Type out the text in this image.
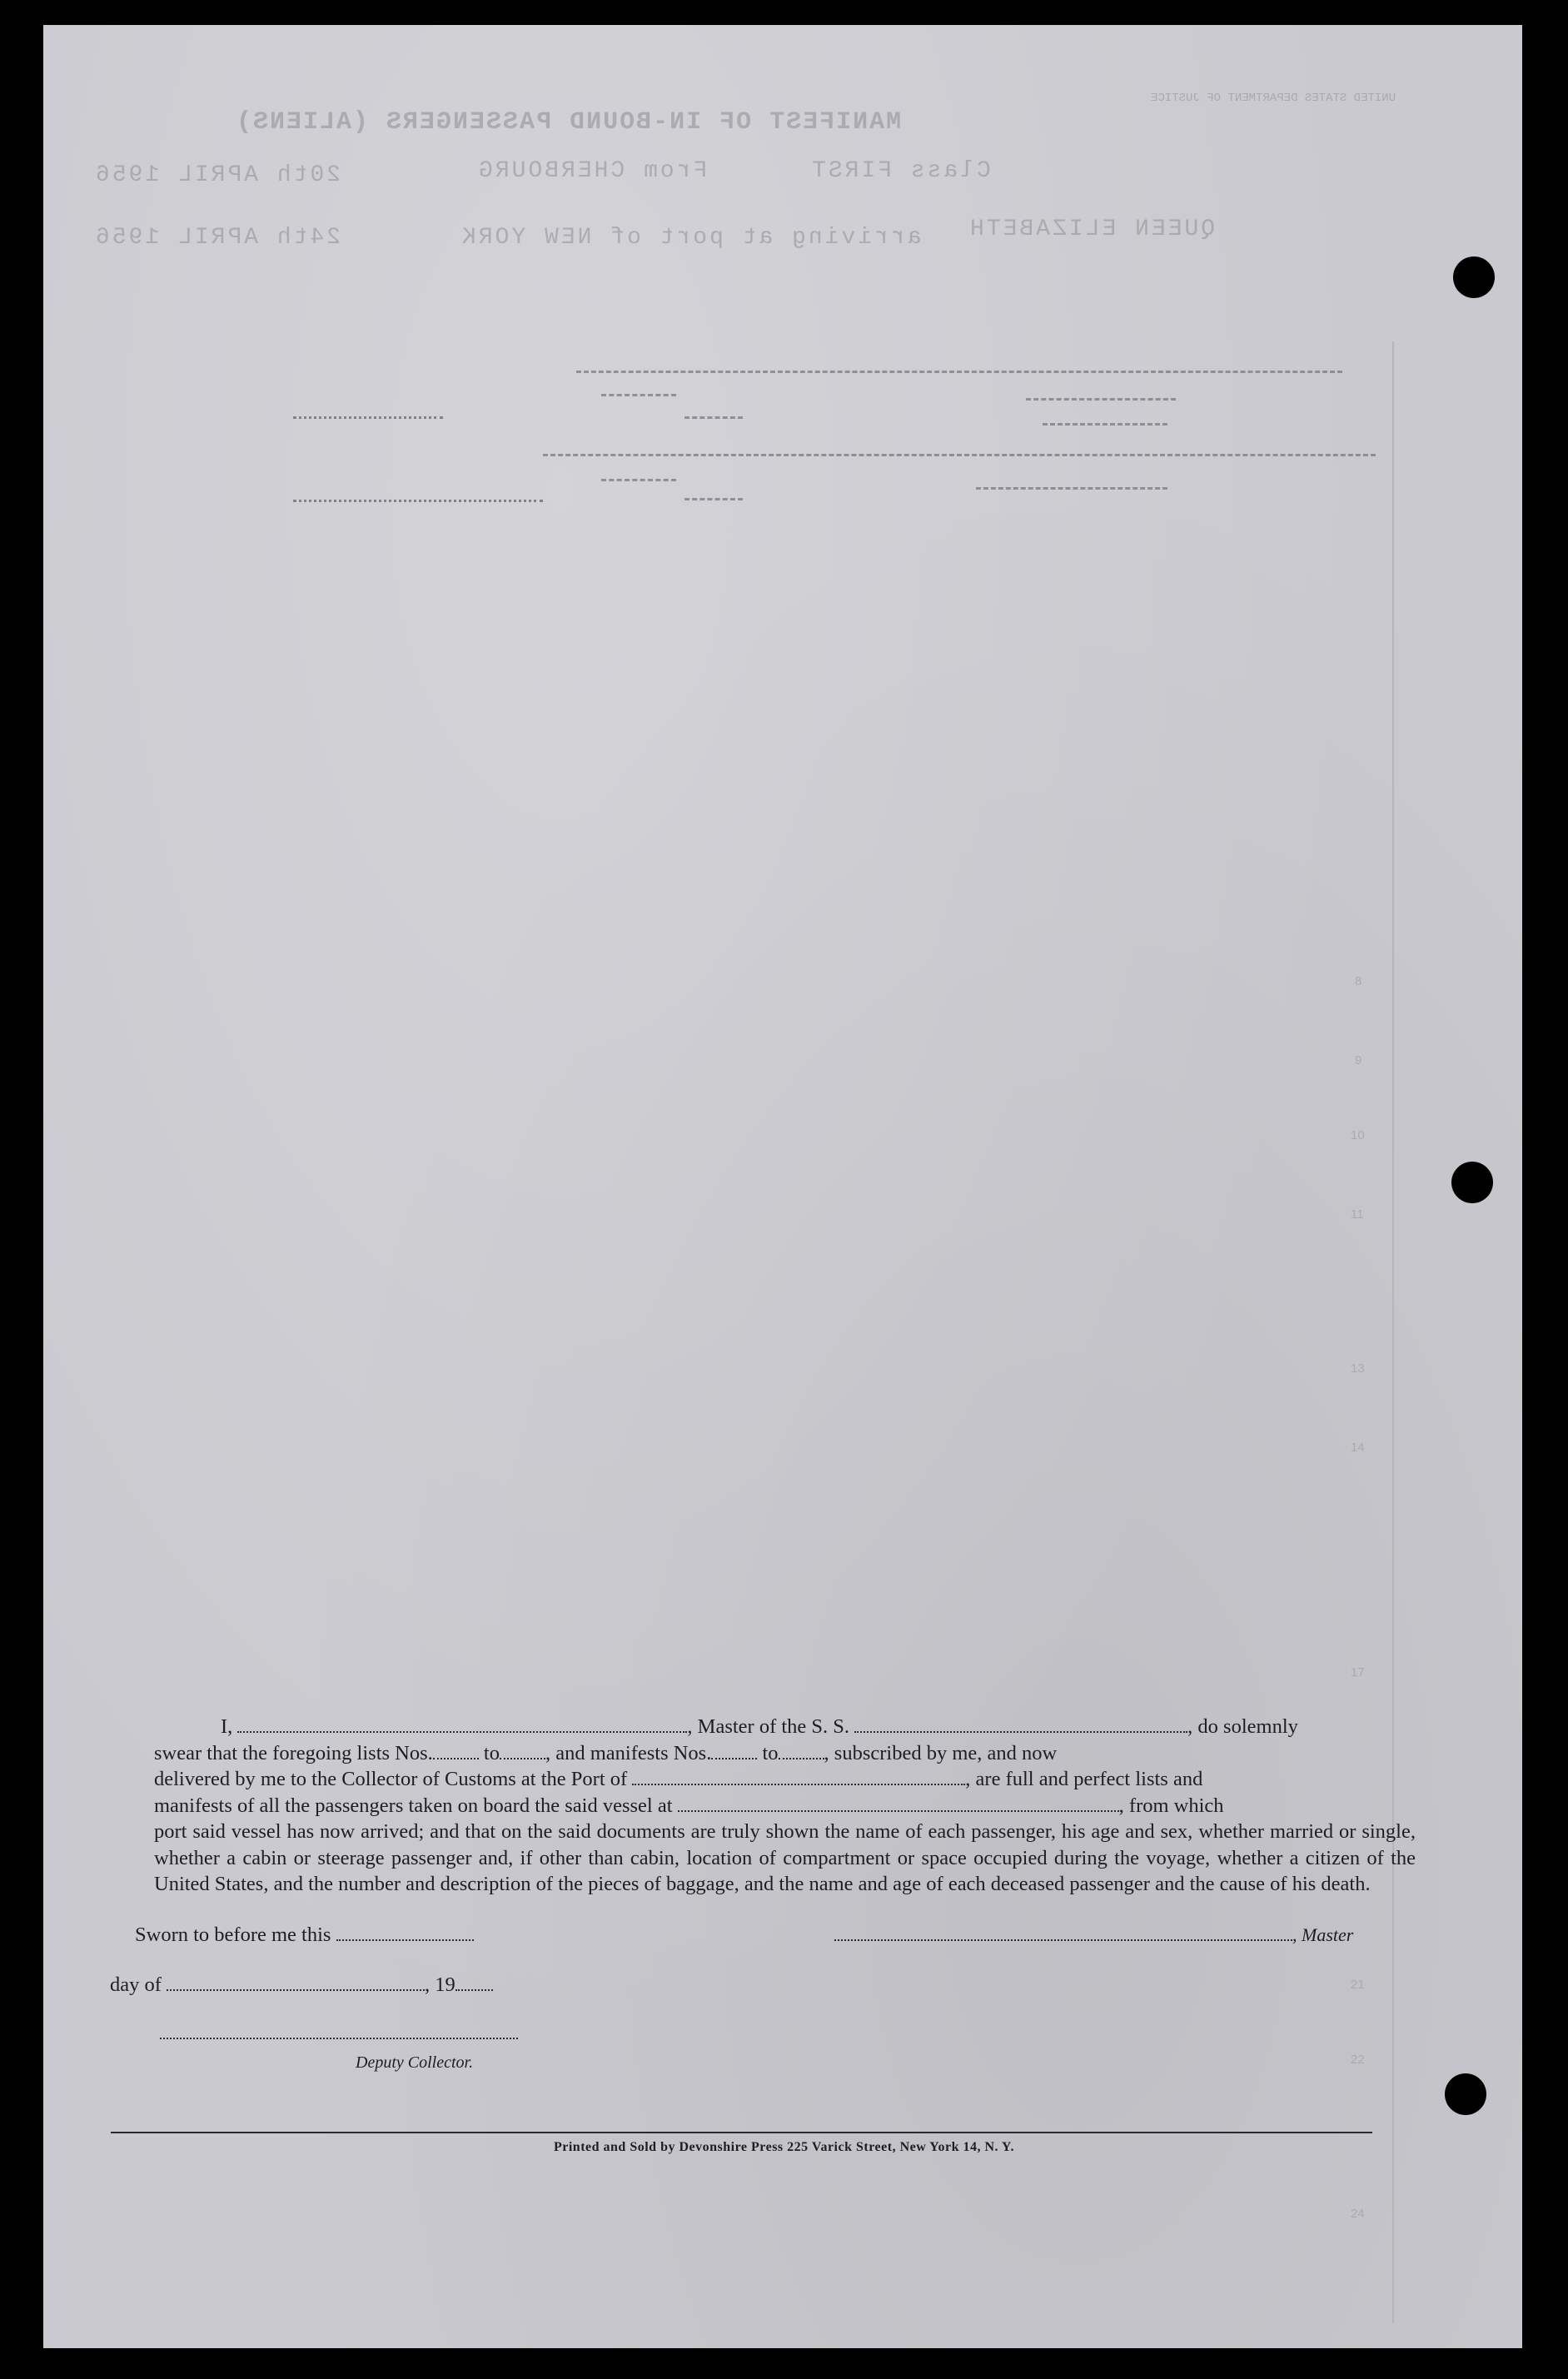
MANIFEST OF IN-BOUND PASSENGERS (ALIENS)
UNITED STATES DEPARTMENT OF JUSTICE
Class FIRST
From CHERBOURG
20th APRIL 1956
QUEEN ELIZABETH
arriving at port of NEW YORK
24th APRIL 1956
8
9
10
11
13
14
17
21
22
24

I,	, Master of the S. S.	, do solemnly

swear that the foregoing lists Nos. to , and manifests Nos. to , subscribed by me, and now

delivered by me to the Collector of Customs at the Port of	, are full and perfect lists and

manifests of all the passengers taken on board the said vessel at	, from which

port said vessel has now arrived; and that on the said documents are truly shown the name of each passenger, his age and sex, whether married or single, whether a cabin or steerage passenger and, if other than cabin, location of compartment or space occupied during the voyage, whether a citizen of the United States, and the number and description of the pieces of baggage, and the name and age of each deceased passenger and the cause of his death.

Sworn to before me this	, Master
day of	, 19
Deputy Collector.
Printed and Sold by Devonshire Press 225 Varick Street, New York 14, N. Y.
